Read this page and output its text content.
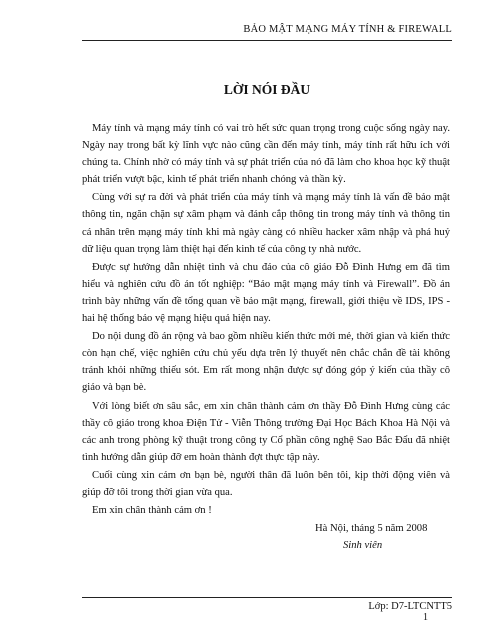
BẢO MẬT MẠNG MÁY TÍNH & FIREWALL
LỜI NÓI ĐẦU

Máy tính và mạng máy tính có vai trò hết sức quan trọng trong cuộc sống ngày nay. Ngày nay trong bất kỳ lĩnh vực nào cũng cần đến máy tính, máy tính rất hữu ích với chúng ta. Chính nhờ có máy tính và sự phát triển của nó đã làm cho khoa học kỹ thuật phát triển vượt bậc, kinh tế phát triển nhanh chóng và thần kỳ.

Cùng với sự ra đời và phát triển của máy tính và mạng máy tính là vấn đề bảo mật thông tin, ngăn chặn sự xâm phạm và đánh cắp thông tin trong máy tính và thông tin cá nhân trên mạng máy tính khi mà ngày càng có nhiều hacker xâm nhập và phá huỷ dữ liệu quan trọng làm thiệt hại đến kinh tế của công ty nhà nước.

Được sự hướng dẫn nhiệt tình và chu đáo của cô giáo Đỗ Đình Hưng em đã tìm hiểu và nghiên cứu đồ án tốt nghiệp: “Bảo mật mạng máy tính và Firewall”. Đồ án trình bày những vấn đề tổng quan về bảo mật mạng, firewall, giới thiệu về IDS, IPS - hai hệ thống bảo vệ mạng hiệu quả hiện nay.

Do nội dung đồ án rộng và bao gồm nhiều kiến thức mới mẻ, thời gian và kiến thức còn hạn chế, việc nghiên cứu chủ yếu dựa trên lý thuyết nên chắc chắn đề tài không tránh khỏi những thiếu sót. Em rất mong nhận được sự đóng góp ý kiến của thầy cô giáo và bạn bè.

Với lòng biết ơn sâu sắc, em xin chân thành cảm ơn thầy Đỗ Đình Hưng cùng các thầy cô giáo trong khoa Điện Tử - Viễn Thông trường Đại Học Bách Khoa Hà Nội và các anh trong phòng kỹ thuật trong công ty Cổ phần công nghệ Sao Bắc Đẩu đã nhiệt tình hướng dẫn giúp đỡ em hoàn thành đợt thực tập này.

Cuối cùng xin cảm ơn bạn bè, người thân đã luôn bên tôi, kịp thời động viên và giúp đỡ tôi trong thời gian vừa qua.

Em xin chân thành cảm ơn !

Hà Nội, tháng 5 năm 2008
Sinh viên
Lớp: D7-LTCNTT5
1
